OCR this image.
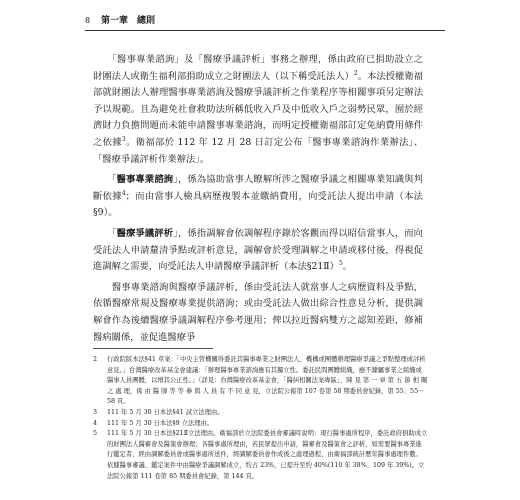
8 第一章　總則

　　「醫事專業諮詢」及「醫療爭議評析」事務之辦理，係由政府已捐助設立之財團法人或衛生福利部捐助成立之財團法人（以下稱受託法人）$^2$。本法授權衛福部就財團法人辦理醫事專業諮詢及醫療爭議評析之作業程序等相關事項另定辦法予以規範。且為避免社會救助法所稱低收入戶及中低收入戶之弱勢民眾，囿於經濟財力負擔問題而未能申請醫事專業諮詢，而明定授權衛福部訂定免納費用條件之依據$^3$。衛福部於 112 年 12 月 28 日訂定公布「醫事專業諮詢作業辦法」、「醫療爭議評析作業辦法」。

　　「醫事專業諮詢」，係為協助當事人瞭解所涉之醫療爭議之相關專業知識與判斷依據$^4$；而由當事人檢具病歷複製本並繳納費用，向受託法人提出申請（本法§9）。

　　「醫療爭議評析」，係指調解會依調解程序錄於客觀而得以昭信當事人，而向受託法人申請釐清爭點或評析意見，調解會於受理調解之申請或移付後，得視促進調解之需要，向受託法人申請醫療爭議評析（本法§21Ⅱ）$^5$。

　　醫事專業諮詢與醫療爭議評析，係由受託法人就當事人之病歷資料及爭點，依循醫療常規及醫療專業提供諮詢；或由受託法人做出綜合性意見分析，提供調解會作為後續醫療爭議調解程序參考運用；俾以拉近醫病雙方之認知差距，修補醫病關係，並促進醫療爭

2 行政院版本法§41 草案：「中央主管機關得委託其醫事專業之財團法人、機構或團體辦理醫療爭議之爭點整理或評析意見。」台灣醫療改革基金會建議：「辦理醫事專業諮詢應有其獨立性。委託民間團體組織，應不隸屬事業之組織或醫事人員團體，以增其公正性。」（詳見：台灣醫療改革基金會，「醫糾相關法案專區」，陳 見 第 一 章 第 五 節 相 關 之 處 理，係 由 醫 師 等 等 參 與 人 員 有 不 同 意 見，立法院公報第 107 卷第 58 期委員會紀錄，第 55、55－58 頁。

3 111 年 5 月 30 日本法§41 試立法理由。

4 111 年 5 月 30 日本法§9 立法理由。

5 111 年 5 月 30 日本法§21Ⅱ立法理由。衛福部於立法院委員會審議時說明：現行醫事處所程序，委託政府捐助成立的財團法人醫審會及醫策會辦理；各醫事處所理由，若民眾提出申請，醫審會及醫策會之評析，如需要醫事專業進行鑑定者，經由調解委員會或醫事處所送件，經調解委員會作成後之處理過程，由衛福部統計歷年醫事處理件數。依據醫事審議、鑑定案件中由醫療爭議調解成立，約占 23%，已提升至約 40%(110 年 38%、109 年 39%)。立法院公報第 111 卷第 85 期委員會紀錄，第 144 頁。
